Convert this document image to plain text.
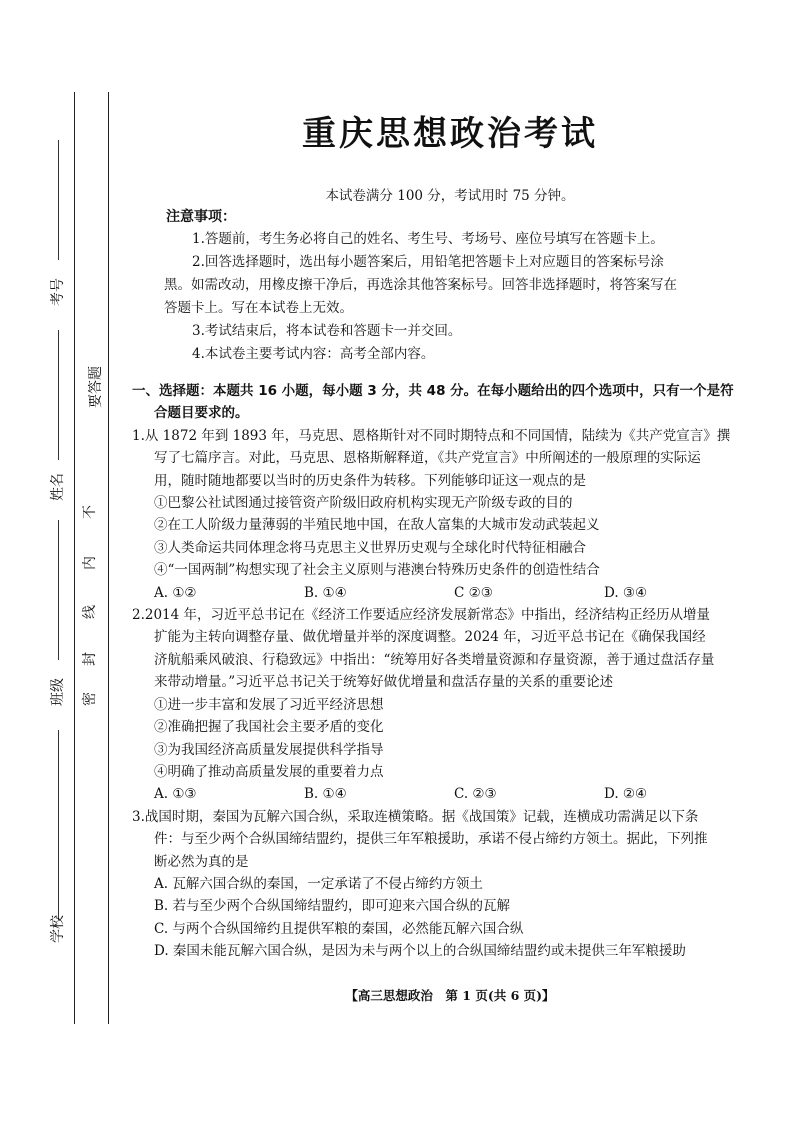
考号
姓名
班级
学校
要答题
不
内
线
封
密
重庆思想政治考试
本试卷满分 100 分，考试用时 75 分钟。
注意事项：

1.答题前，考生务必将自己的姓名、考生号、考场号、座位号填写在答题卡上。

2.回答选择题时，选出每小题答案后，用铅笔把答题卡上对应题目的答案标号涂

黑。如需改动，用橡皮擦干净后，再选涂其他答案标号。回答非选择题时，将答案写在

答题卡上。写在本试卷上无效。

3.考试结束后，将本试卷和答题卡一并交回。

4.本试卷主要考试内容：高考全部内容。

一、选择题：本题共 16 小题，每小题 3 分，共 48 分。在每小题给出的四个选项中，只有一个是符

合题目要求的。

1.从 1872 年到 1893 年，马克思、恩格斯针对不同时期特点和不同国情，陆续为《共产党宣言》撰

写了七篇序言。对此，马克思、恩格斯解释道，《共产党宣言》中所阐述的一般原理的实际运

用，随时随地都要以当时的历史条件为转移。下列能够印证这一观点的是

①巴黎公社试图通过接管资产阶级旧政府机构实现无产阶级专政的目的

②在工人阶级力量薄弱的半殖民地中国，在敌人富集的大城市发动武装起义

③人类命运共同体理念将马克思主义世界历史观与全球化时代特征相融合

④“一国两制”构想实现了社会主义原则与港澳台特殊历史条件的创造性结合

A. ①②	B. ①④	C ②③	D. ③④

2.2014 年，习近平总书记在《经济工作要适应经济发展新常态》中指出，经济结构正经历从增量

扩能为主转向调整存量、做优增量并举的深度调整。2024 年，习近平总书记在《确保我国经

济航船乘风破浪、行稳致远》中指出：“统筹用好各类增量资源和存量资源，善于通过盘活存量

来带动增量。”习近平总书记关于统筹好做优增量和盘活存量的关系的重要论述

①进一步丰富和发展了习近平经济思想

②准确把握了我国社会主要矛盾的变化

③为我国经济高质量发展提供科学指导

④明确了推动高质量发展的重要着力点

A. ①③	B. ①④	C. ②③	D. ②④

3.战国时期，秦国为瓦解六国合纵，采取连横策略。据《战国策》记载，连横成功需满足以下条

件：与至少两个合纵国缔结盟约，提供三年军粮援助，承诺不侵占缔约方领土。据此，下列推

断必然为真的是

A. 瓦解六国合纵的秦国，一定承诺了不侵占缔约方领土

B. 若与至少两个合纵国缔结盟约，即可迎来六国合纵的瓦解

C. 与两个合纵国缔约且提供军粮的秦国，必然能瓦解六国合纵

D. 秦国未能瓦解六国合纵，是因为未与两个以上的合纵国缔结盟约或未提供三年军粮援助

【高三思想政治　第 1 页(共 6 页)】
